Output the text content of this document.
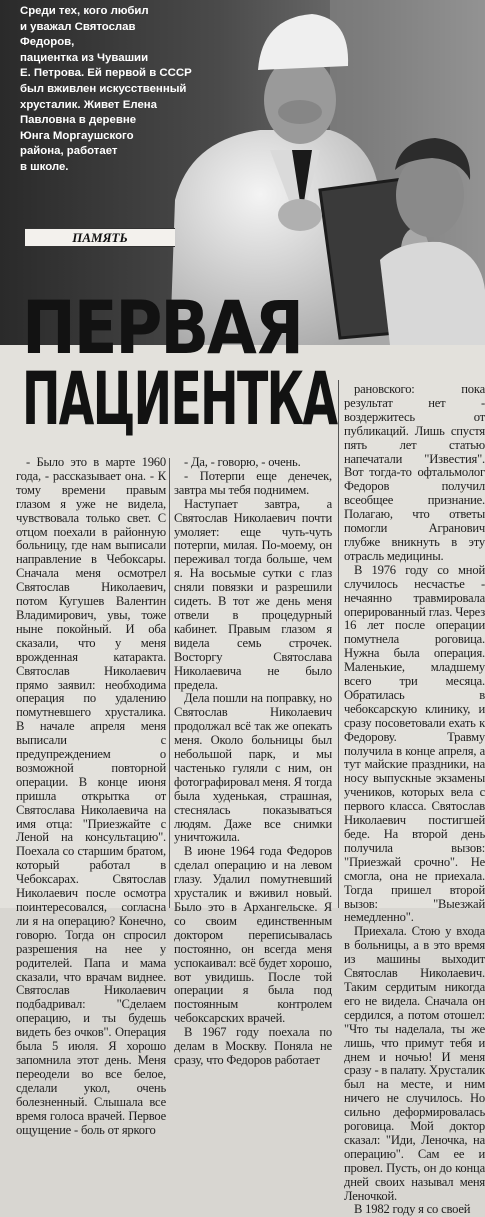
Среди тех, кого любил

и уважал Святослав Федоров,

пациентка из Чувашии

Е. Петрова. Ей первой в СССР

был вживлен искусственный

хрусталик. Живет Елена

Павловна в деревне

Юнга Моргаушского

района, работает

в школе.

ПАМЯТЬ
ПЕРВАЯ
ПАЦИЕНТКА

- Было это в марте 1960 года, - рассказывает она. - К тому времени правым глазом я уже не видела, чувствовала только свет. С отцом поехали в районную больницу, где нам выписали направление в Чебоксары. Сначала меня осмотрел Святослав Николаевич, потом Кугушев Валентин Владимирович, увы, тоже ныне покойный. И оба сказали, что у меня врожденная катаракта. Святослав Николаевич прямо заявил: необходима операция по удалению помутневшего хрусталика. В начале апреля меня выписали с предупреждением о возможной повторной операции. В конце июня пришла открытка от Святослава Николаевича на имя отца: "Приезжайте с Леной на консультацию". Поехала со старшим братом, который работал в Чебоксарах. Святослав Николаевич после осмотра поинтересовался, согласна ли я на операцию? Конечно, говорю. Тогда он спросил разрешения на нее у родителей. Папа и мама сказали, что врачам виднее. Святослав Николаевич подбадривал: "Сделаем операцию, и ты будешь видеть без очков". Операция была 5 июля. Я хорошо запомнила этот день. Меня переодели во все белое, сделали укол, очень болезненный. Слышала все время голоса врачей. Первое ощущение - боль от яркого

- Да, - говорю, - очень.

- Потерпи еще денечек, завтра мы тебя поднимем.

Наступает завтра, а Святослав Николаевич почти умоляет: еще чуть-чуть потерпи, милая. По-моему, он переживал тогда больше, чем я. На восьмые сутки с глаз сняли повязки и разрешили сидеть. В тот же день меня отвели в процедурный кабинет. Правым глазом я видела семь строчек. Восторгу Святослава Николаевича не было предела.

Дела пошли на поправку, но Святослав Николаевич продолжал всё так же опекать меня. Около больницы был небольшой парк, и мы частенько гуляли с ним, он фотографировал меня. Я тогда была худенькая, страшная, стеснялась показываться людям. Даже все снимки уничтожила.

В июне 1964 года Федоров сделал операцию и на левом глазу. Удалил помутневший хрусталик и вживил новый. Было это в Архангельске. Я со своим единственным доктором переписывалась постоянно, он всегда меня успокаивал: всё будет хорошо, вот увидишь. После той операции я была под постоянным контролем чебоксарских врачей.

В 1967 году поехала по делам в Москву. Поняла не сразу, что Федоров работает

рановского: пока результат нет - воздержитесь от публикаций. Лишь спустя пять лет статью напечатали "Известия". Вот тогда-то офтальмолог Федоров получил всеобщее признание. Полагаю, что ответы помогли Агранович глубже вникнуть в эту отрасль медицины.

В 1976 году со мной случилось несчастье - нечаянно травмировала оперированный глаз. Через 16 лет после операции помутнела роговица. Нужна была операция. Маленькие, младшему всего три месяца. Обратилась в чебоксарскую клинику, и сразу посоветовали ехать к Федорову. Травму получила в конце апреля, а тут майские праздники, на носу выпускные экзамены учеников, которых вела с первого класса. Святослав Николаевич постигшей беде. На второй день получила вызов: "Приезжай срочно". Не смогла, она не приехала. Тогда пришел второй вызов: "Выезжай немедленно".

Приехала. Стою у входа в больницы, а в это время из машины выходит Святослав Николаевич. Таким сердитым никогда его не видела. Сначала он сердился, а потом отошел: "Что ты наделала, ты же лишь, что примут тебя и днем и ночью! И меня сразу - в палату. Хрусталик был на месте, и ним ничего не случилось. Но сильно деформировалась роговица. Мой доктор сказал: "Иди, Леночка, на операцию". Сам ее и провел. Пусть, он до конца дней своих называл меня Леночкой.

В 1982 году я со своей
